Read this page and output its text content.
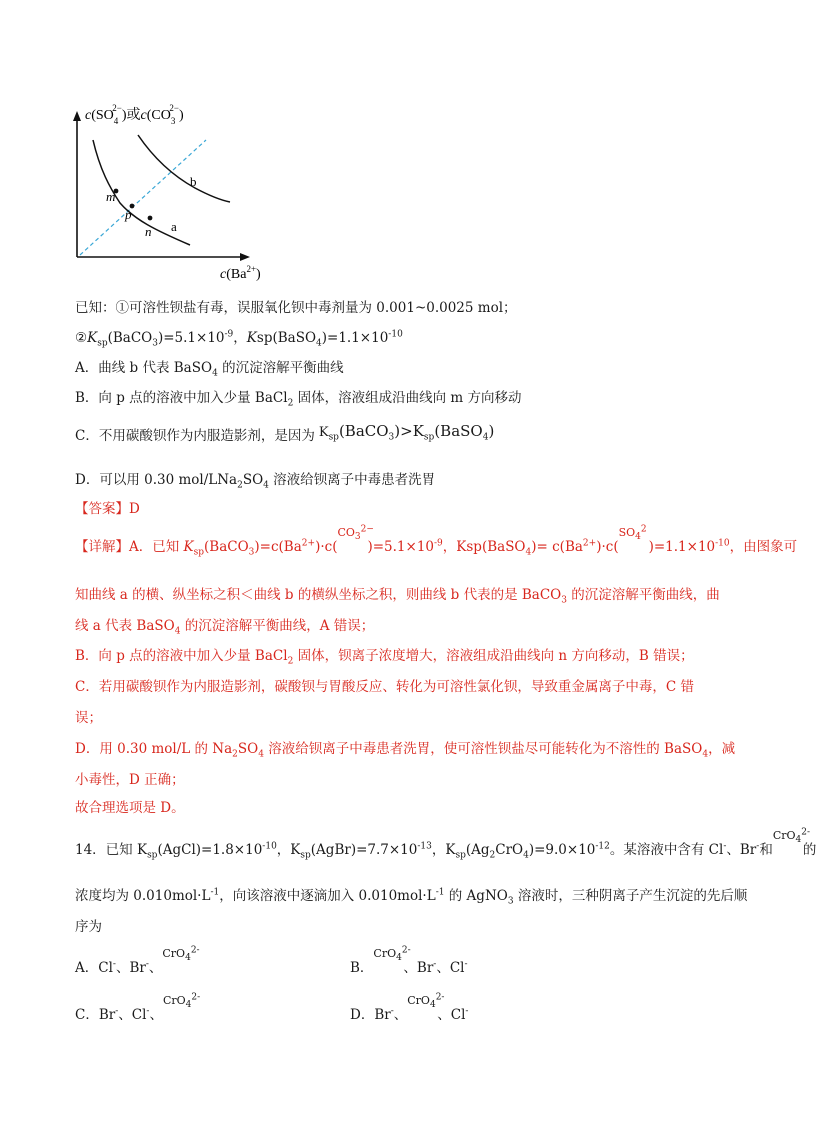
$c(SO_42-)$或$c(CO_32-)$
m
p
n a
b
$c(Ba^{2+})$
已知：①可溶性钡盐有毒，误服氧化钡中毒剂量为 0.001~0.0025 mol；
$②K_{sp}(BaCO_3)=5.1\times 10^{-9}$，$Ksp(BaSO_4)=1.1\times 10^{-10}$
A．曲线 b 代表 BaSO$_4$ 的沉淀溶解平衡曲线
B．向 p 点的溶液中加入少量 BaCl$_2$ 固体，溶液组成沿曲线向 m 方向移动
C．不用碳酸钡作为内服造影剂，是因为 $K_{sp}(BaCO_3)>K_{sp}(BaSO_4)$
D．可以用 0.30 mol/$LNa_2SO_4$ 溶液给钡离子中毒患者洗胃
【答案】D
【详解】A．已知 $K_{sp}(BaCO_3)=c(Ba^{2+})\cdot c$(
$CO_3^{2-}$
)$=5.1\times 10^{-9}$，Ksp(BaSO$_4$)= $c(Ba^{2+})\cdot c$(
$SO_4^2$
)$=1.1\times 10^{-10}$，由图象可
知曲线 a 的横、纵坐标之积＜曲线 b 的横纵坐标之积，则曲线 b 代表的是 BaCO$_3$ 的沉淀溶解平衡曲线，曲
线 a 代表 BaSO$_4$ 的沉淀溶解平衡曲线，A 错误；
B．向 p 点的溶液中加入少量 BaCl$_2$ 固体，钡离子浓度增大，溶液组成沿曲线向 n 方向移动，B 错误；
C．若用碳酸钡作为内服造影剂，碳酸钡与胃酸反应、转化为可溶性氯化钡，导致重金属离子中毒，C 错
误；
D．用 0.30 mol/L 的 $Na_2SO_4$ 溶液给钡离子中毒患者洗胃，使可溶性钡盐尽可能转化为不溶性的 BaSO$_4$，减
小毒性，D 正确；
故合理选项是 D。
14．已知 $K_{sp}(AgCl)=1.8\times 10^{-10}$，$K_{sp}(AgBr)=7.7\times 10^{-13}$，$K_{sp}(Ag_2CrO_4)=9.0\times 10^{-12}$。某溶液中含有 Cl-、Br-和
CrO$_4^{2-}$
的
浓度均为 $0.010mol\cdot L^{-1}$，向该溶液中逐滴加入 $0.010mol\cdot L^{-1}$ 的 AgNO$_3$ 溶液时，三种阴离子产生沉淀的先后顺
序为
A．Cl-、Br-、
CrO$_4^{2-}$
B．
CrO$_4^{2-}$
、Br-、Cl-
C．Br-、Cl-、
CrO$_4^{2-}$
D．Br-、
CrO$_4^{2-}$
、Cl-
